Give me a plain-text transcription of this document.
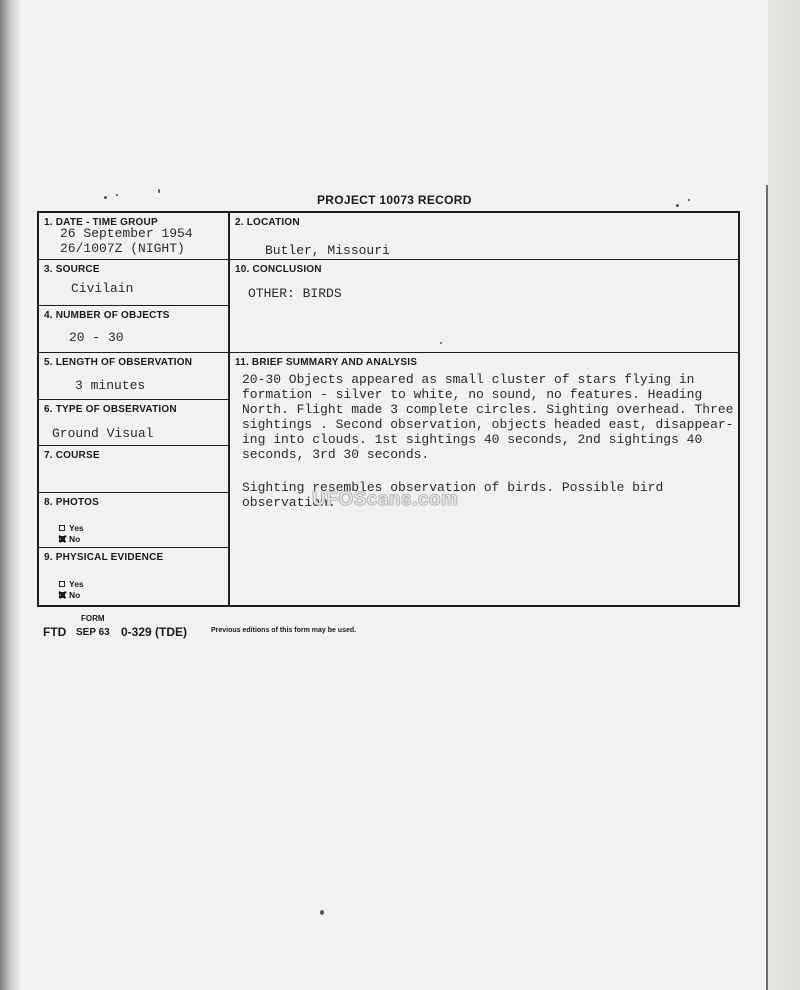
PROJECT 10073 RECORD
1. DATE - TIME GROUP
26 September 1954
26/1007Z (NIGHT)
2. LOCATION
Butler, Missouri
3. SOURCE
Civilain
10. CONCLUSION
OTHER: BIRDS
4. NUMBER OF OBJECTS
20 - 30
5. LENGTH OF OBSERVATION
3 minutes
11. BRIEF SUMMARY AND ANALYSIS
20-30 Objects appeared as small cluster of stars flying in
formation - silver to white, no sound, no features. Heading
North. Flight made 3 complete circles. Sighting overhead. Three
sightings . Second observation, objects headed east, disappear-
ing into clouds. 1st sightings 40 seconds, 2nd sightings 40
seconds, 3rd 30 seconds.
Sighting resembles observation of birds. Possible bird
observation.
6. TYPE OF OBSERVATION
Ground Visual
7. COURSE
8. PHOTOS
Yes
No
9. PHYSICAL EVIDENCE
Yes
No
FORM
FTD SEP 63 0-329 (TDE)	Previous editions of this form may be used.
UFOScans.com
